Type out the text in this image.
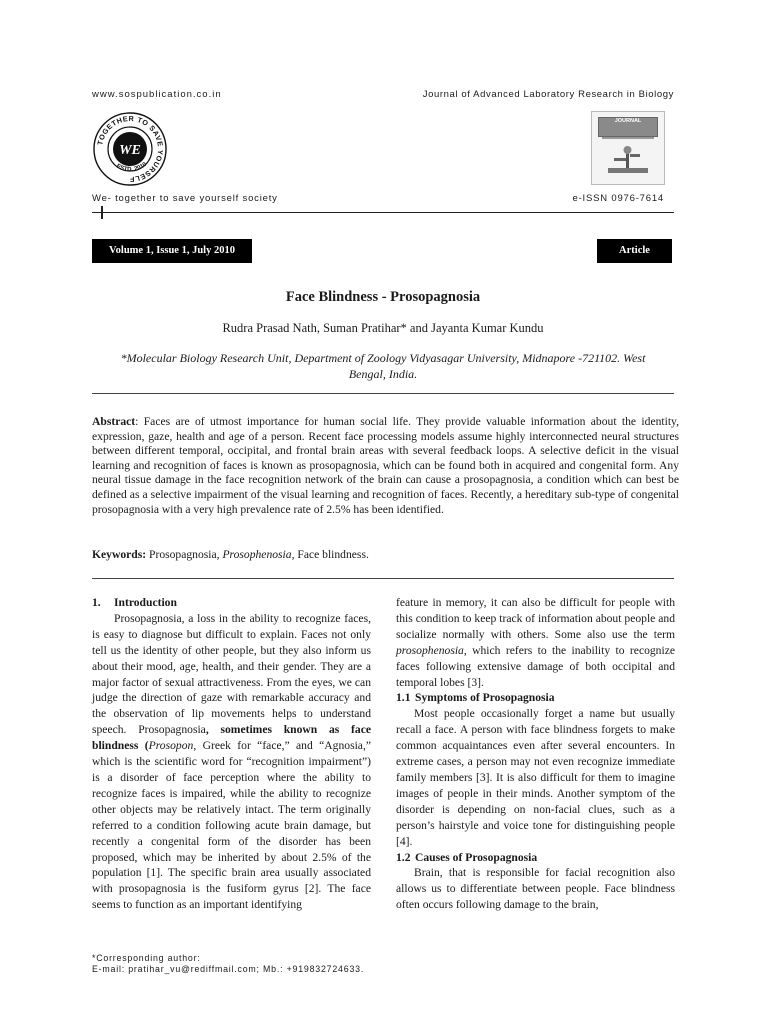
www.sospublication.co.in	Journal of Advanced Laboratory Research in Biology
TOGETHER TO SAVE YOURSELF
WE
ESTD. 2010
JOURNAL
We- together to save yourself society	e-ISSN 0976-7614
Volume 1, Issue 1, July 2010	Article
Face Blindness - Prosopagnosia
Rudra Prasad Nath, Suman Pratihar* and Jayanta Kumar Kundu
*Molecular Biology Research Unit, Department of Zoology Vidyasagar University, Midnapore -721102. West
Bengal, India.

Abstract: Faces are of utmost importance for human social life. They provide valuable information about the identity, expression, gaze, health and age of a person. Recent face processing models assume highly interconnected neural structures between different temporal, occipital, and frontal brain areas with several feedback loops. A selective deficit in the visual learning and recognition of faces is known as prosopagnosia, which can be found both in acquired and congenital form. Any neural tissue damage in the face recognition network of the brain can cause a prosopagnosia, a condition which can best be defined as a selective impairment of the visual learning and recognition of faces. Recently, a hereditary sub-type of congenital prosopagnosia with a very high prevalence rate of 2.5% has been identified.

Keywords: Prosopagnosia, Prosophenosia, Face blindness.

1. Introduction

Prosopagnosia, a loss in the ability to recognize faces, is easy to diagnose but difficult to explain. Faces not only tell us the identity of other people, but they also inform us about their mood, age, health, and their gender. They are a major factor of sexual attractiveness. From the eyes, we can judge the direction of gaze with remarkable accuracy and the observation of lip movements helps to understand speech. Prosopagnosia, sometimes known as face blindness (Prosopon, Greek for “face,” and “Agnosia,” which is the scientific word for “recognition impairment”) is a disorder of face perception where the ability to recognize faces is impaired, while the ability to recognize other objects may be relatively intact. The term originally referred to a condition following acute brain damage, but recently a congenital form of the disorder has been proposed, which may be inherited by about 2.5% of the population [1]. The specific brain area usually associated with prosopagnosia is the fusiform gyrus [2]. The face seems to function as an important identifying

feature in memory, it can also be difficult for people with this condition to keep track of information about people and socialize normally with others. Some also use the term prosophenosia, which refers to the inability to recognize faces following extensive damage of both occipital and temporal lobes [3].

1.1 Symptoms of Prosopagnosia

Most people occasionally forget a name but usually recall a face. A person with face blindness forgets to make common acquaintances even after several encounters. In extreme cases, a person may not even recognize immediate family members [3]. It is also difficult for them to imagine images of people in their minds. Another symptom of the disorder is depending on non-facial clues, such as a person’s hairstyle and voice tone for distinguishing people [4].

1.2 Causes of Prosopagnosia

Brain, that is responsible for facial recognition also allows us to differentiate between people. Face blindness often occurs following damage to the brain,

*Corresponding author:
E-mail: pratihar_vu@rediffmail.com; Mb.: +919832724633.
